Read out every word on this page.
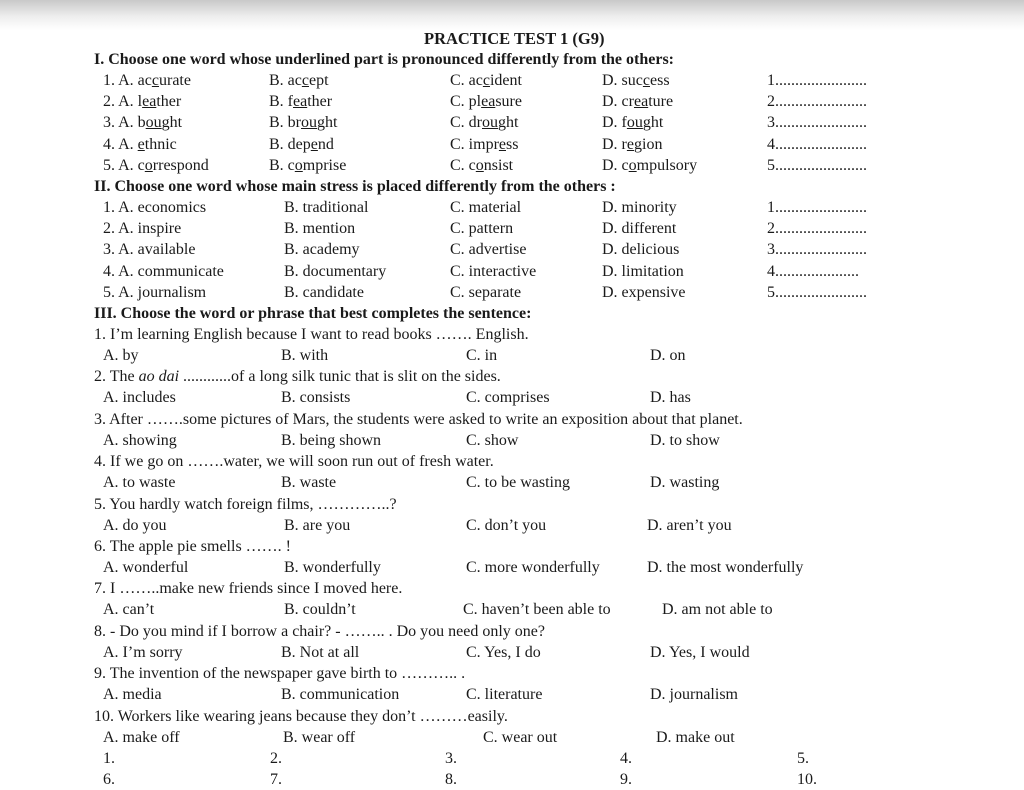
PRACTICE TEST 1 (G9)
I. Choose one word whose underlined part is pronounced differently from the others:
II. Choose one word whose main stress is placed differently from the others :
III. Choose the word or phrase that best completes the sentence:
1. A. accurate	B. accept	C. accident	D. success	1.......................
2. A. leather	B. feather	C. pleasure	D. creature	2.......................
3. A. bought	B. brought	C. drought	D. fought	3.......................
4. A. ethnic	B. depend	C. impress	D. region	4.......................
5. A. correspond	B. comprise	C. consist	D. compulsory	5.......................
1. A. economics	B. traditional	C. material	D. minority	1.......................
2. A. inspire	B. mention	C. pattern	D. different	2.......................
3. A. available	B. academy	C. advertise	D. delicious	3.......................
4. A. communicate	B. documentary	C. interactive	D. limitation	4.....................
5. A. journalism	B. candidate	C. separate	D. expensive	5.......................
1. I’m learning English because I want to read books ……. English.
A. by	B. with	C. in	D. on
2. The ao dai ............of a long silk tunic that is slit on the sides.
A. includes	B. consists	C. comprises	D. has
3. After …….some pictures of Mars, the students were asked to write an exposition about that planet.
A. showing	B. being shown	C. show	D. to show
4. If we go on …….water, we will soon run out of fresh water.
A. to waste	B. waste	C. to be wasting	D. wasting
5. You hardly watch foreign films, …………..?
A. do you	B. are you	C. don’t you	D. aren’t you
6. The apple pie smells ……. !
A. wonderful	B. wonderfully	C. more wonderfully	D. the most wonderfully
7. I ……..make new friends since I moved here.
A. can’t	B. couldn’t	C. haven’t been able to	D. am not able to
8. - Do you mind if I borrow a chair? - …….. . Do you need only one?
A. I’m sorry	B. Not at all	C. Yes, I do	D. Yes, I would
9. The invention of the newspaper gave birth to ……….. .
A. media	B. communication	C. literature	D. journalism
10. Workers like wearing jeans because they don’t ………easily.
A. make off	B. wear off	C. wear out	D. make out
1.	2.	3.	4.	5.
6.	7.	8.	9.	10.
